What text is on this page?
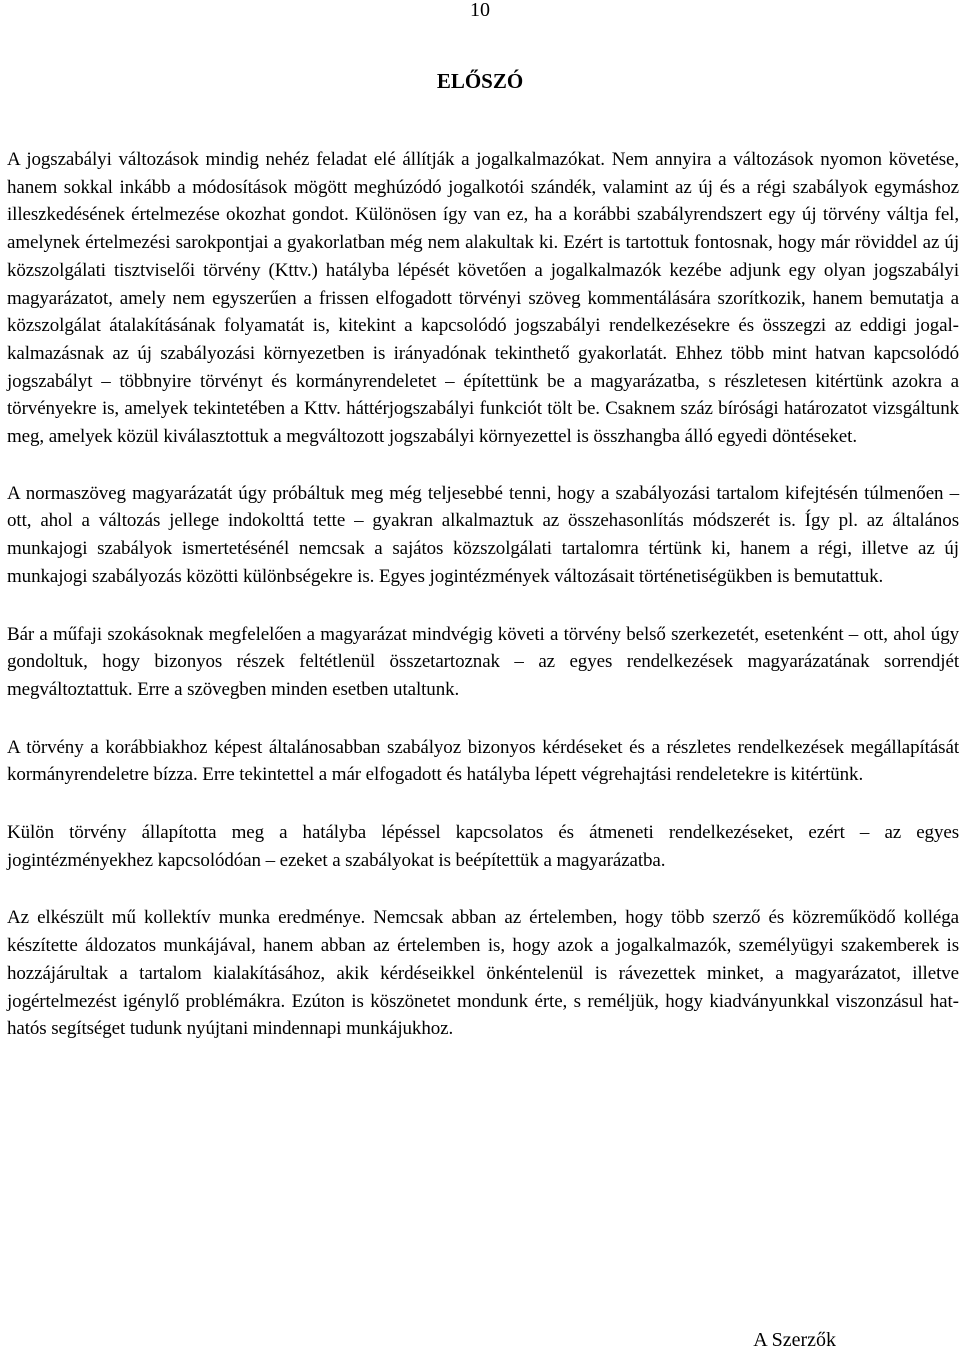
10
ELŐSZÓ

A jogszabályi változások mindig nehéz feladat elé állítják a jogalkalmazókat. Nem annyira a változások nyomon követése, hanem sokkal inkább a módosítások mögött meghúzódó jogalkotói szándék, valamint az új és a régi szabályok egymáshoz illeszkedésének értelmezése okozhat gondot. Különösen így van ez, ha a korábbi szabályrendszert egy új törvény váltja fel, amelynek értelmezési sarokpontjai a gyakorlatban még nem alakultak ki. Ezért is tartottuk fontosnak, hogy már röviddel az új közszolgálati tisztviselői törvény (Kttv.) hatályba lépését követően a jogalkalmazók kezébe adjunk egy olyan jogszabályi magyarázatot, amely nem egyszerűen a frissen elfogadott törvényi szöveg kommentálására szorítkozik, hanem bemutatja a közszolgálat átalakításának folyamatát is, kitekint a kapcsolódó jogszabályi rendelkezésekre és összegzi az eddigi jogalkalmazásnak az új szabályozási környezetben is irányadónak tekinthető gyakorlatát. Ehhez több mint hatvan kapcsolódó jogszabályt – többnyire törvényt és kormányrendeletet – építettünk be a magyarázatba, s részletesen kitértünk azokra a törvényekre is, amelyek tekintetében a Kttv. háttérjogszabályi funkciót tölt be. Csaknem száz bírósági határozatot vizsgáltunk meg, amelyek közül kiválasztottuk a megváltozott jogszabályi környezettel is összhangba álló egyedi döntéseket.

A normaszöveg magyarázatát úgy próbáltuk meg még teljesebbé tenni, hogy a szabályozási tartalom kifejtésén túlmenően – ott, ahol a változás jellege indokolttá tette – gyakran alkalmaztuk az összehasonlítás módszerét is. Így pl. az általános munkajogi szabályok ismertetésénél nemcsak a sajátos közszolgálati tartalomra tértünk ki, hanem a régi, illetve az új munkajogi szabályozás közötti különbségekre is. Egyes jogintézmények változásait történetiségükben is bemutattuk.

Bár a műfaji szokásoknak megfelelően a magyarázat mindvégig követi a törvény belső szerkezetét, esetenként – ott, ahol úgy gondoltuk, hogy bizonyos részek feltétlenül összetartoznak – az egyes rendelkezések magyarázatának sorrendjét megváltoztattuk. Erre a szövegben minden esetben utaltunk.

A törvény a korábbiakhoz képest általánosabban szabályoz bizonyos kérdéseket és a részletes rendelkezések megállapítását kormányrendeletre bízza. Erre tekintettel a már elfogadott és hatályba lépett végrehajtási rendeletekre is kitértünk.

Külön törvény állapította meg a hatályba lépéssel kapcsolatos és átmeneti rendelkezéseket, ezért – az egyes jogintézményekhez kapcsolódóan – ezeket a szabályokat is beépítettük a magyarázatba.

Az elkészült mű kollektív munka eredménye. Nemcsak abban az értelemben, hogy több szerző és közreműködő kolléga készítette áldozatos munkájával, hanem abban az értelemben is, hogy azok a jogalkalmazók, személyügyi szakemberek is hozzájárultak a tartalom kialakításához, akik kérdéseikkel önkéntelenül is rávezettek minket, a magyarázatot, illetve jogértelmezést igénylő problémákra. Ezúton is köszönetet mondunk érte, s reméljük, hogy kiadványunkkal viszonzásul hathatós segítséget tudunk nyújtani mindennapi munkájukhoz.

A Szerzők
